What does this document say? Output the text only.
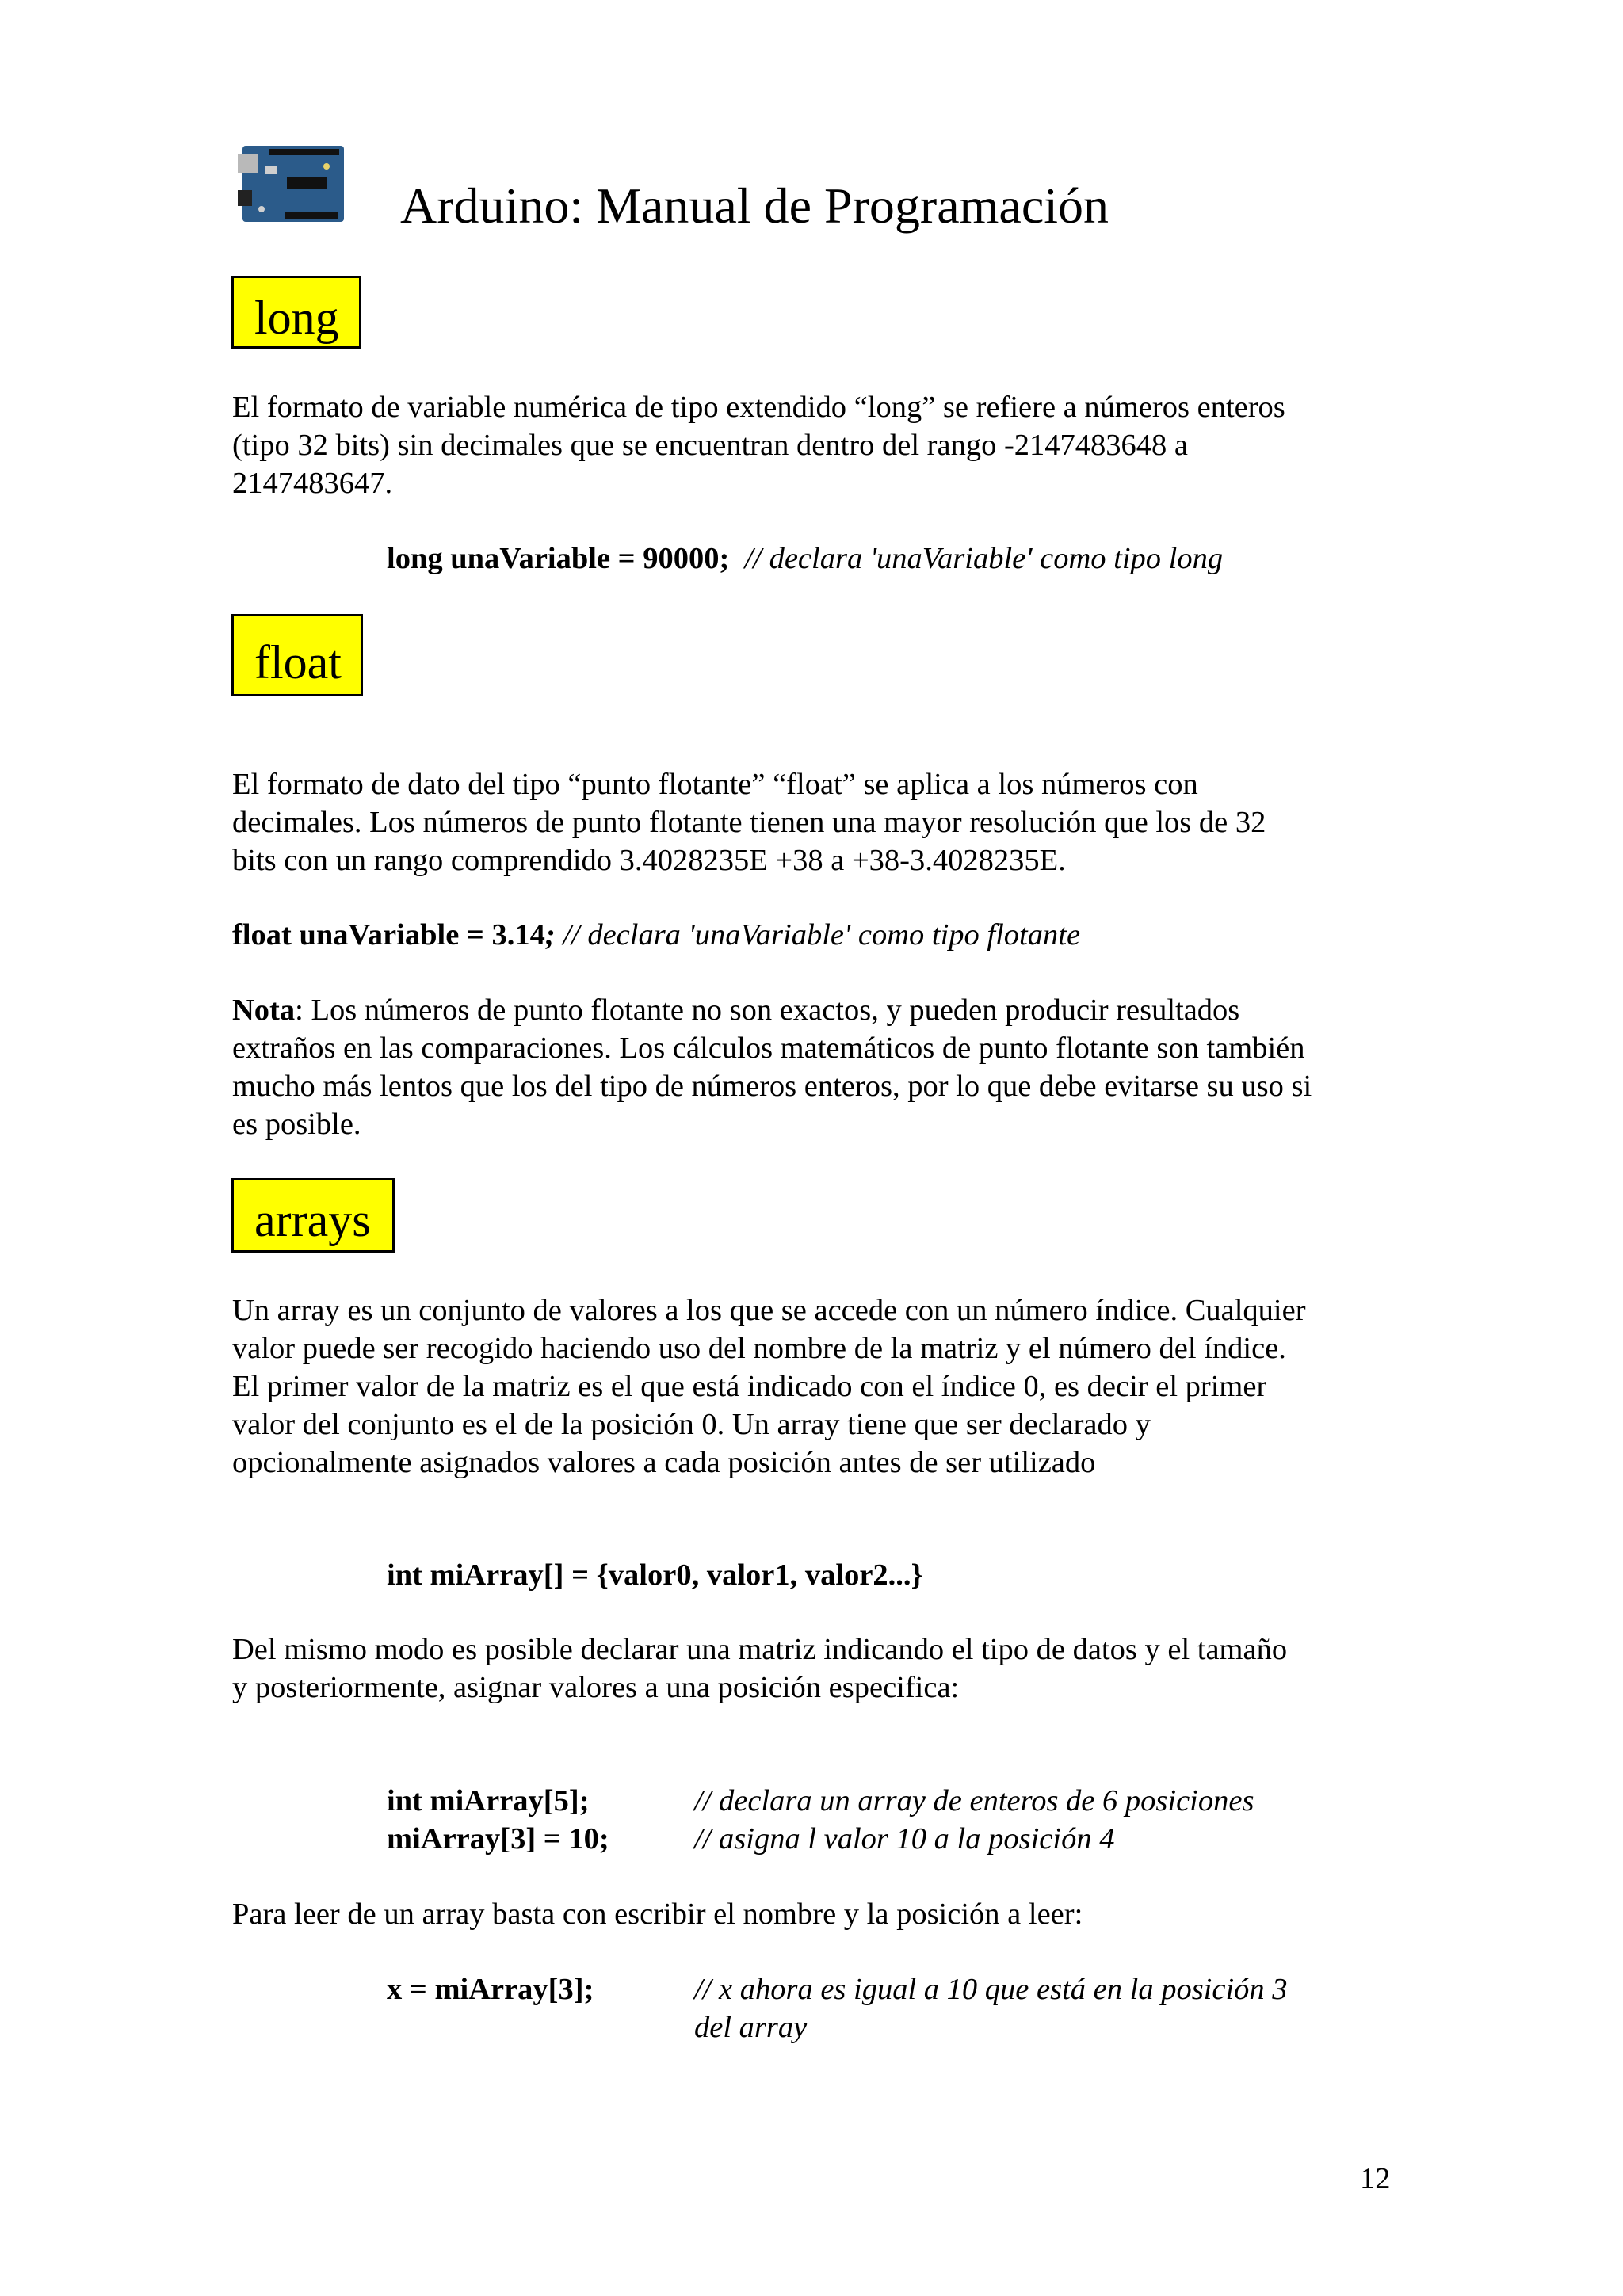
Arduino: Manual de Programación
long

El formato de variable numérica de tipo extendido “long” se refiere a números enteros

(tipo 32 bits) sin decimales que se encuentran dentro del rango -2147483648 a

2147483647.

long unaVariable = 90000; // declara 'unaVariable' como tipo long
float

El formato de dato del tipo “punto flotante” “float” se aplica a los números con

decimales. Los números de punto flotante tienen una mayor resolución que los de 32

bits con un rango comprendido 3.4028235E +38 a +38-3.4028235E.

float unaVariable = 3.14; // declara 'unaVariable' como tipo flotante

Nota: Los números de punto flotante no son exactos, y pueden producir resultados

extraños en las comparaciones. Los cálculos matemáticos de punto flotante son también

mucho más lentos que los del tipo de números enteros, por lo que debe evitarse su uso si

es posible.

arrays

Un array es un conjunto de valores a los que se accede con un número índice. Cualquier

valor puede ser recogido haciendo uso del nombre de la matriz y el número del índice.

El primer valor de la matriz es el que está indicado con el índice 0, es decir el primer

valor del conjunto es el de la posición 0. Un array tiene que ser declarado y

opcionalmente asignados valores a cada posición antes de ser utilizado

int miArray[] = {valor0, valor1, valor2...}

Del mismo modo es posible declarar una matriz indicando el tipo de datos y el tamaño

y posteriormente, asignar valores a una posición especifica:

int miArray[5];	// declara un array de enteros de 6 posiciones
miArray[3] = 10;	// asigna l valor 10 a la posición 4

Para leer de un array basta con escribir el nombre y la posición a leer:

x = miArray[3];	// x ahora es igual a 10 que está en la posición 3
del array
12
